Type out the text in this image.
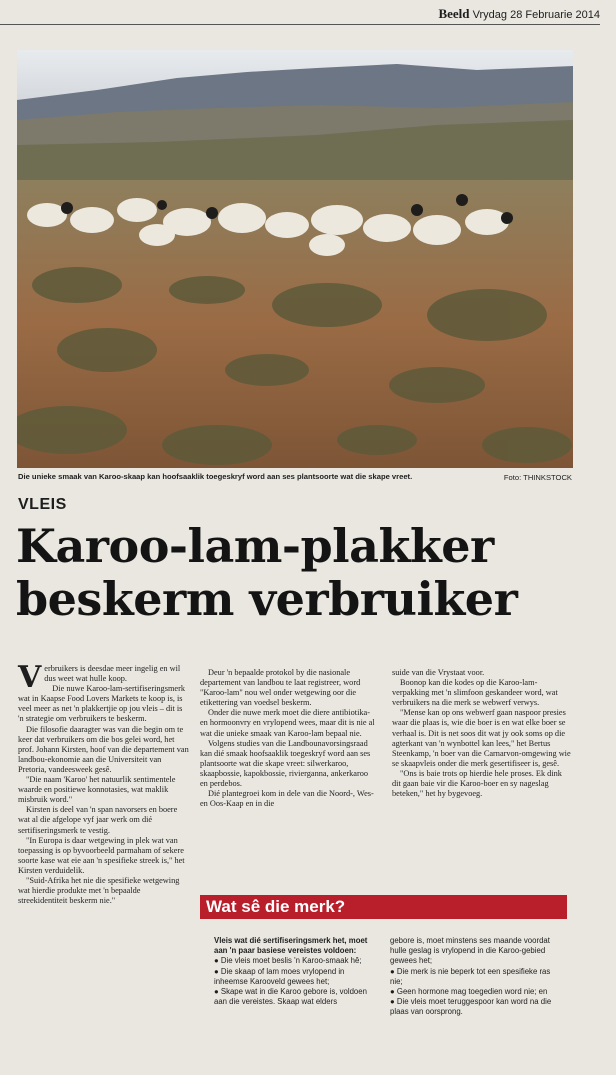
Beeld Vrydag 28 Februarie 2014
Die unieke smaak van Karoo-skaap kan hoofsaaklik toegeskryf word aan ses plantsoorte wat die skape vreet.	Foto: THINKSTOCK
VLEIS
Karoo-lam-plakker
beskerm verbruiker

Verbruikers is deesdae meer ingelig en wil dus weet wat hulle koop.

Die nuwe Karoo-lam-sertifiseringsmerk wat in Kaapse Food Lovers Markets te koop is, is veel meer as net 'n plakkertjie op jou vleis – dit is 'n strategie om verbruikers te beskerm.

Die filosofie daaragter was van die begin om te keer dat verbruikers om die bos gelei word, het prof. Johann Kirsten, hoof van die departement van landbou-ekonomie aan die Universiteit van Pretoria, vandeesweek gesê.

"Die naam 'Karoo' het natuurlik sentimentele waarde en positiewe konnotasies, wat maklik misbruik word."

Kirsten is deel van 'n span navorsers en boere wat al die afgelope vyf jaar werk om dié sertifiseringsmerk te vestig.

"In Europa is daar wetgewing in plek wat van toepassing is op byvoorbeeld parmaham of sekere soorte kase wat eie aan 'n spesifieke streek is," het Kirsten verduidelik.

"Suid-Afrika het nie die spesifieke wetgewing wat hierdie produkte met 'n bepaalde streekidentiteit beskerm nie."

Deur 'n bepaalde protokol by die nasionale departement van landbou te laat registreer, word "Karoo-lam" nou wel onder wetgewing oor die etikettering van voedsel beskerm.

Onder die nuwe merk moet die diere antibiotika- en hormoonvry en vrylopend wees, maar dit is nie al wat die unieke smaak van Karoo-lam bepaal nie.

Volgens studies van die Landbounavorsingsraad kan dié smaak hoofsaaklik toegeskryf word aan ses plantsoorte wat die skape vreet: silwerkaroo, skaapbossie, kapokbossie, rivierganna, ankerkaroo en perdebos.

Dié plantegroei kom in dele van die Noord-, Wes- en Oos-Kaap en in die

suide van die Vrystaat voor.

Boonop kan die kodes op die Karoo-lam-verpakking met 'n slimfoon geskandeer word, wat verbruikers na die merk se webwerf verwys.

"Mense kan op ons webwerf gaan naspoor presies waar die plaas is, wie die boer is en wat elke boer se verhaal is. Dit is net soos dit wat jy ook soms op die agterkant van 'n wynbottel kan lees," het Bertus Steenkamp, 'n boer van die Carnarvon-omgewing wie se skaapvleis onder die merk gesertifiseer is, gesê.

"Ons is baie trots op hierdie hele proses. Ek dink dit gaan baie vir die Karoo-boer en sy nageslag beteken," het hy bygevoeg.

Wat sê die merk?

Vleis wat dié sertifiseringsmerk het, moet aan 'n paar basiese vereistes voldoen:

● Die vleis moet beslis 'n Karoo-smaak hê;

● Die skaap of lam moes vrylopend in inheemse Karooveld gewees het;

● Skape wat in die Karoo gebore is, voldoen aan die vereistes. Skaap wat elders

gebore is, moet minstens ses maande voordat hulle geslag is vrylopend in die Karoo-gebied gewees het;

● Die merk is nie beperk tot een spesifieke ras nie;

● Geen hormone mag toegedien word nie; en

● Die vleis moet teruggespoor kan word na die plaas van oorsprong.
